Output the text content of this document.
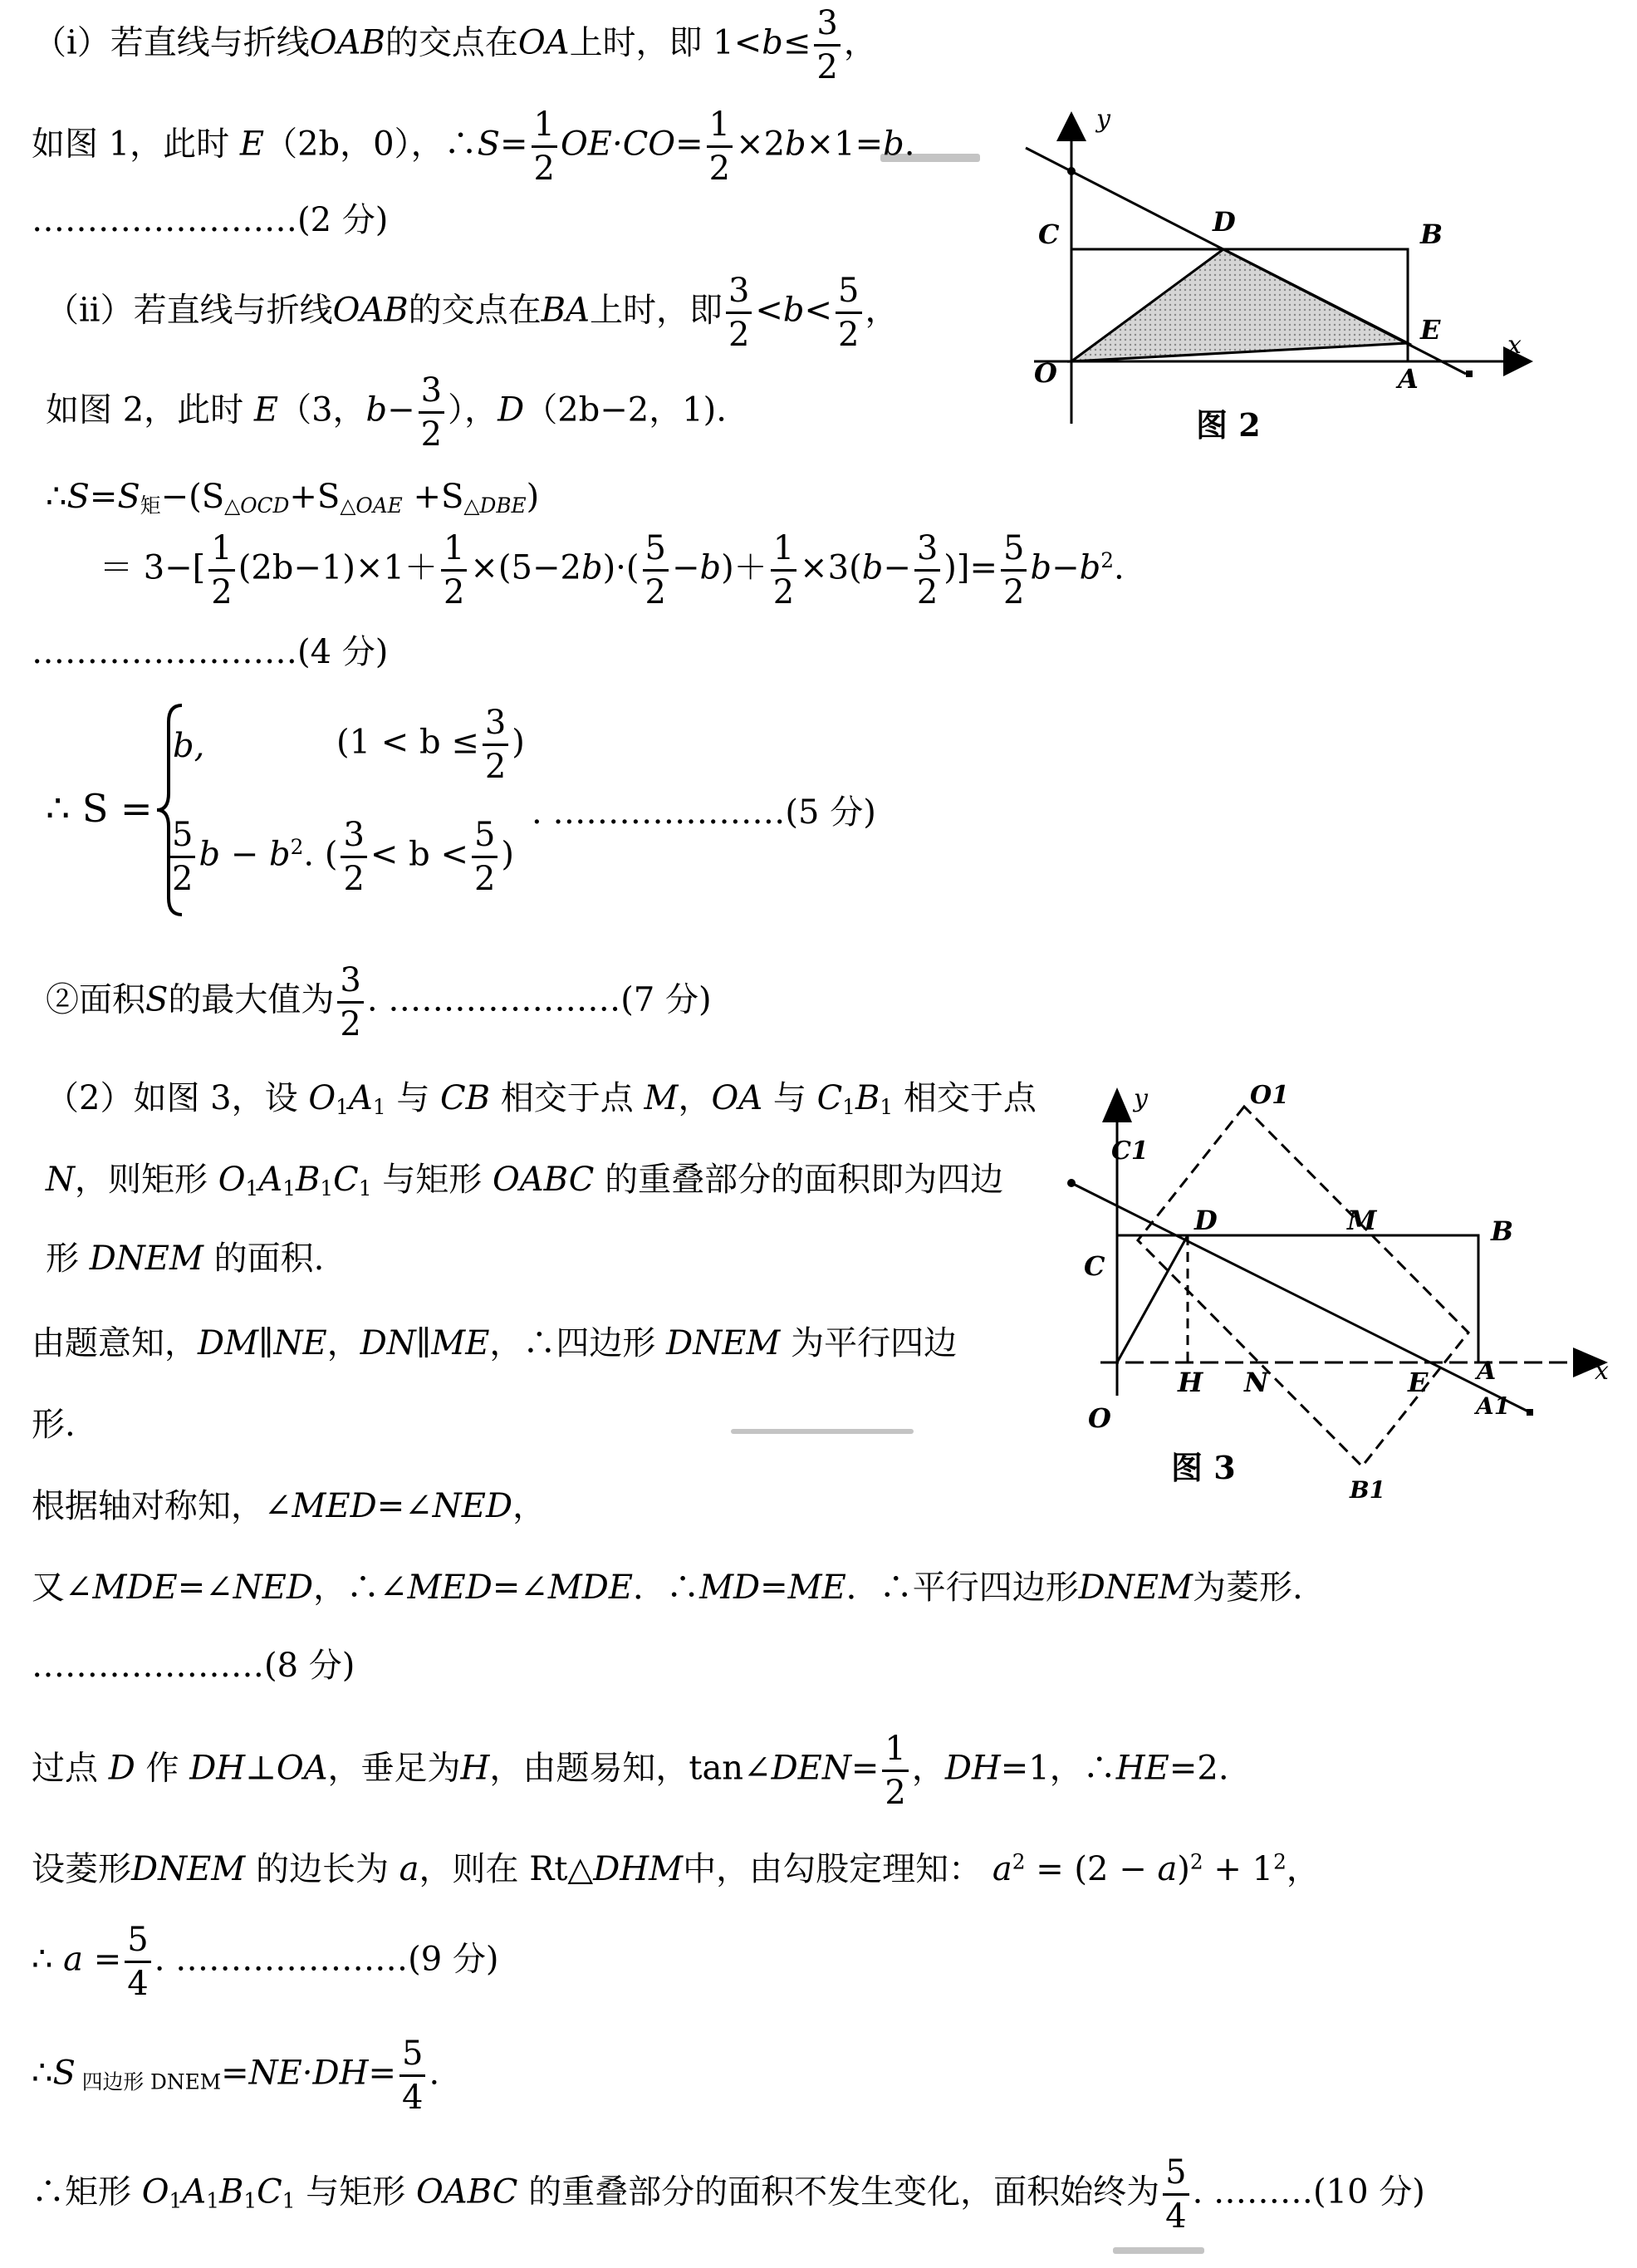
（i）若直线与折线OAB的交点在OA上时，即 $1<b\le \frac{3}{2}$ ，
如图 1，此时 E（2b，0），∴S= $\frac{1}{2} OE\cdot CO= \frac{1}{2} \times 2b\times 1=b$.
……………………(2 分)
（ii）若直线与折线OAB的交点在BA上时，即 $\frac{3}{2} <b< \frac{5}{2}$ ，
如图 2，此时 E（3，$b- \frac{3}{2}$ ），D（2b−2，1).
$\therefore S=S_矩-(S_{\triangle OCD}+S_{\triangle OAE} +S_{\triangle DBE})$
＝ $3-[ \frac{1}{2} (2b-1)\times 1+ \frac{1}{2} \times(5-2b)\cdot( \frac{5}{2} -b)+ \frac{1}{2} \times 3(b- \frac{3}{2}$ )]= $\frac{5}{2} b-b^2$.
……………………(4 分)
∴ S =
b,	($1 < b \le \frac{3}{2}$ )
$\frac{5}{2}$ $b - b^2$. ( $\frac{3}{2} < b < \frac{5}{2}$ )
. …………………(5 分)
②面积S的最大值为 $\frac{3}{2}$ . …………………(7 分)
（2）如图 3，设 $O_1A_1$ 与 CB 相交于点 M，OA 与 $C_1B_1$ 相交于点
N，则矩形 $O_1A_1B_1C_1$ 与矩形 OABC 的重叠部分的面积即为四边
形 DNEM 的面积.
由题意知，DM∥NE，DN∥ME，∴四边形 DNEM 为平行四边
形.
根据轴对称知，∠MED=∠NED，
又∠MDE=∠NED，∴∠MED=∠MDE．∴MD=ME．∴平行四边形DNEM为菱形.
…………………(8 分)
过点 D 作 DH⊥OA，垂足为H，由题易知，tan∠DEN= $\frac{1}{2}$ ，DH=1，∴HE=2.
设菱形DNEM 的边长为 a，则在 Rt△DHM中，由勾股定理知： $a^2 = (2 - a)^2 + 1^2$，
∴ $a = \frac{5}{4}$ . …………………(9 分)
∴S $_{四边形 DNEM}=NE\cdot DH= \frac{5}{4}$ .
∴矩形 $O_1A_1B_1C_1$ 与矩形 OABC 的重叠部分的面积不发生变化，面积始终为 $\frac{5}{4}$ . ………(10 分)
y
x
C	D	B
E
O	A
图 2
y
x
O1
C1
D	M	B
C
H N	E A
A1
O
B1
图 3
